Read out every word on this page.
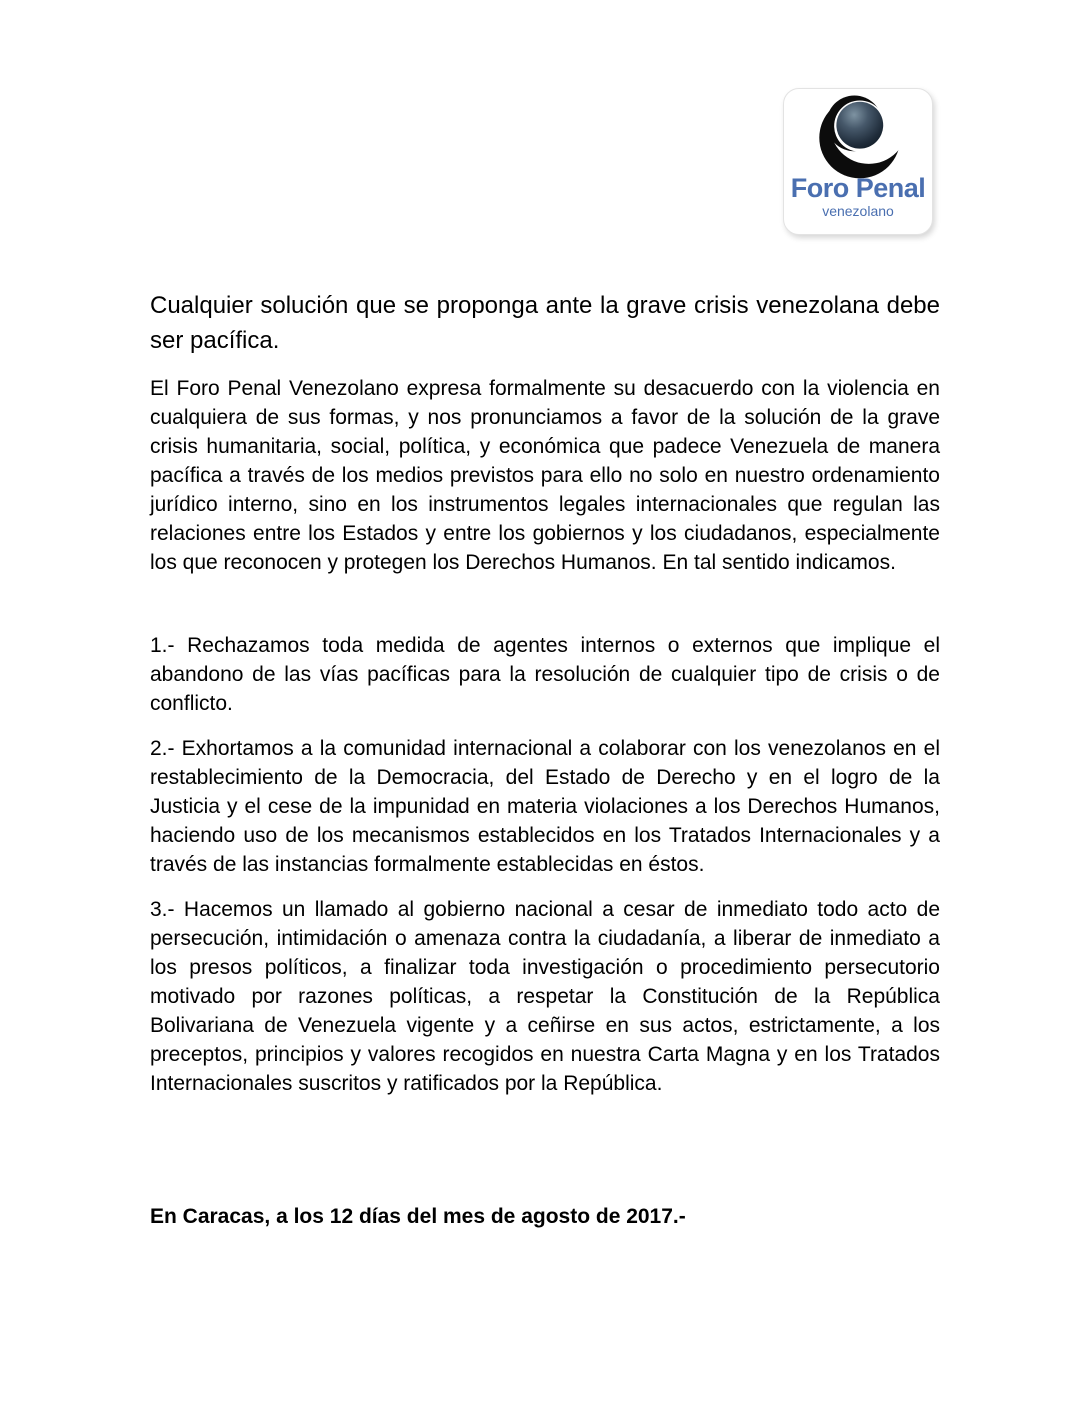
Foro Penal
venezolano
Cualquier solución que se proponga ante la grave crisis venezolana debe ser pacífica.
El Foro Penal Venezolano expresa formalmente su desacuerdo con la violencia en cualquiera de sus formas, y nos pronunciamos a favor de la solución de la grave crisis humanitaria, social, política, y económica que padece Venezuela de manera pacífica a través de los medios previstos para ello no solo en nuestro ordenamiento jurídico interno, sino en los instrumentos legales internacionales que regulan las relaciones entre los Estados y entre los gobiernos y los ciudadanos, especialmente los que reconocen y protegen los Derechos Humanos. En tal sentido indicamos.
1.- Rechazamos toda medida de agentes internos o externos que implique el abandono de las vías pacíficas para la resolución de cualquier tipo de crisis o de conflicto.
2.- Exhortamos a la comunidad internacional a colaborar con los venezolanos en el restablecimiento de la Democracia, del Estado de Derecho y en el logro de la Justicia y el cese de la impunidad en materia violaciones a los Derechos Humanos, haciendo uso de los mecanismos establecidos en los Tratados Internacionales y a través de las instancias formalmente establecidas en éstos.
3.- Hacemos un llamado al gobierno nacional a cesar de inmediato todo acto de persecución, intimidación o amenaza contra la ciudadanía, a liberar de inmediato a los presos políticos, a finalizar toda investigación o procedimiento persecutorio motivado por razones políticas, a respetar la Constitución de la República Bolivariana de Venezuela vigente y a ceñirse en sus actos, estrictamente, a los preceptos, principios y valores recogidos en nuestra Carta Magna y en los Tratados Internacionales suscritos y ratificados por la República.
En Caracas, a los 12 días del mes de agosto de 2017.-
